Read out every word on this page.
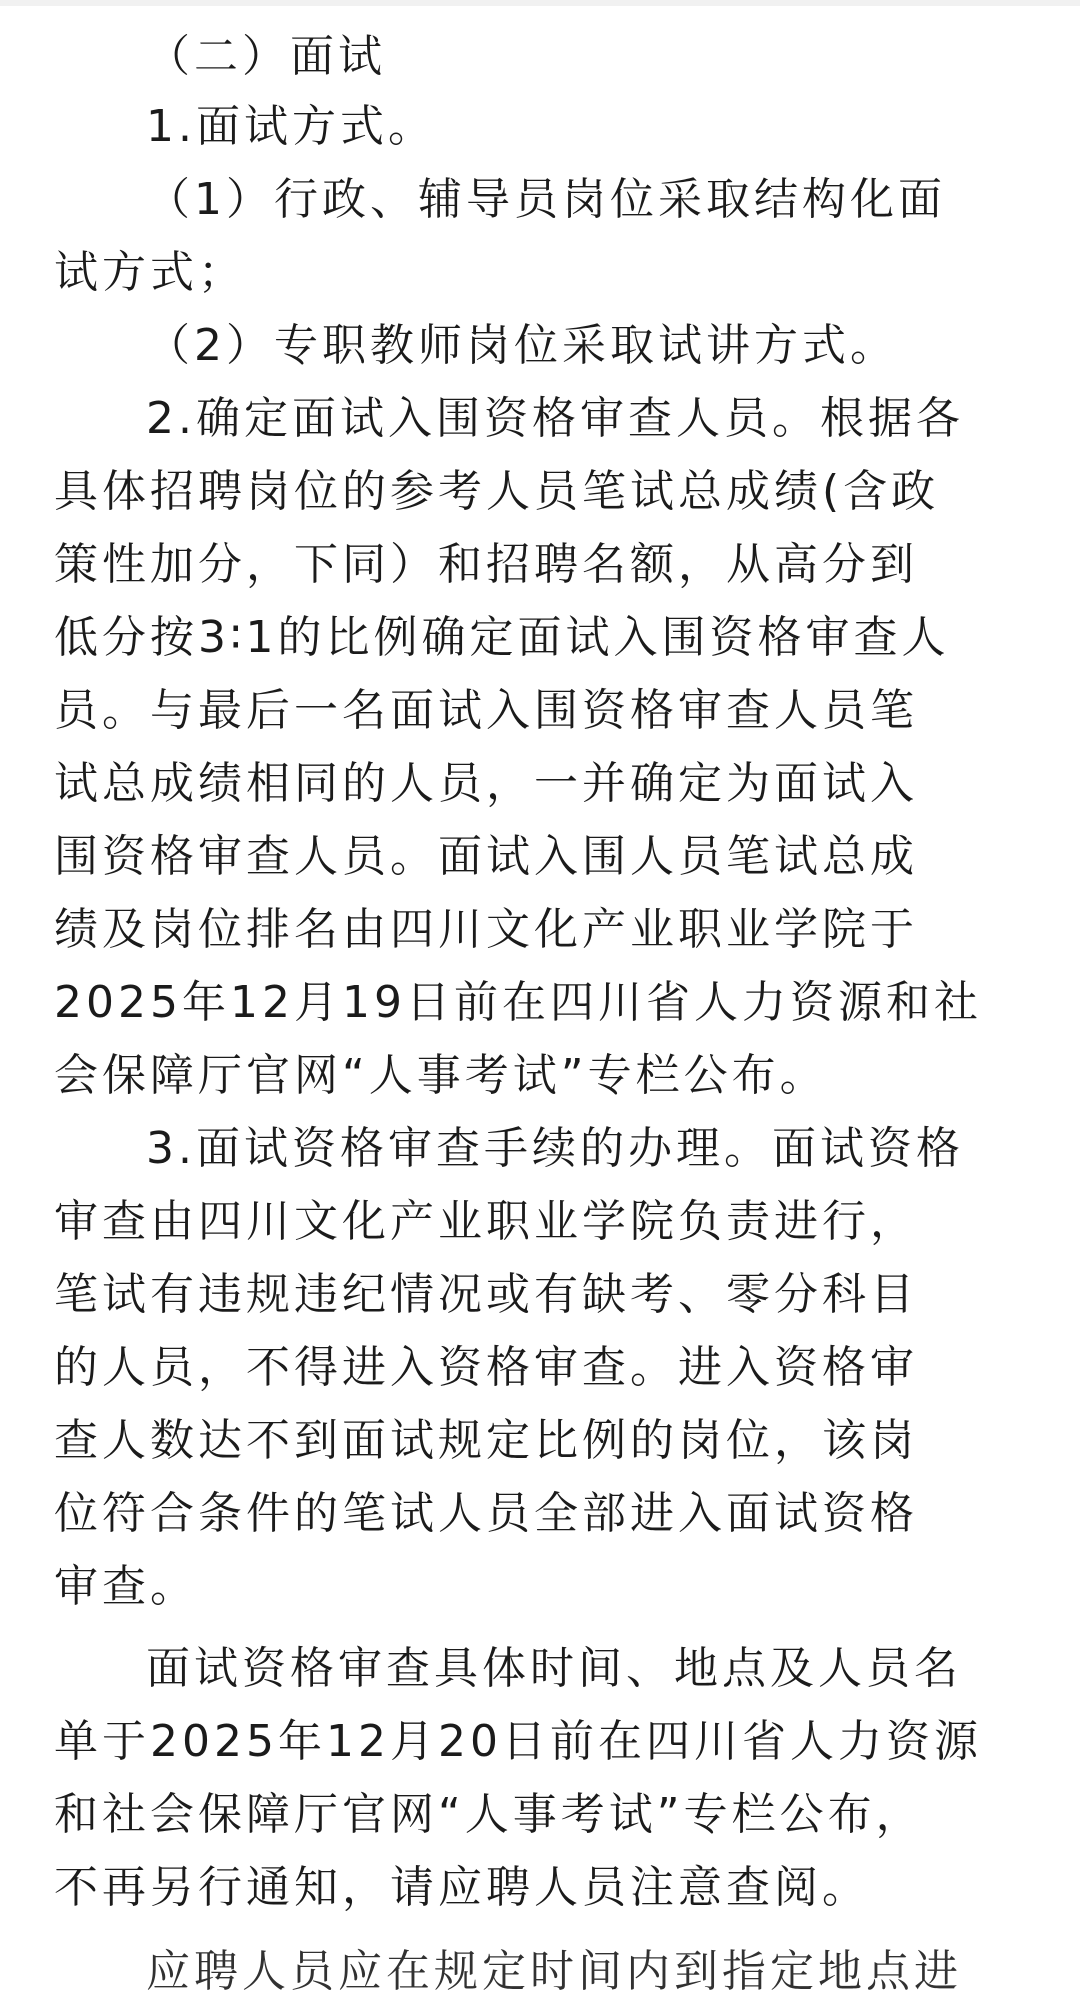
（二）面试

1.面试方式。

（1）行政、辅导员岗位采取结构化面

试方式；

（2）专职教师岗位采取试讲方式。

2.确定面试入围资格审查人员。根据各

具体招聘岗位的参考人员笔试总成绩(含政

策性加分，下同）和招聘名额，从高分到

低分按3∶1的比例确定面试入围资格审查人

员。与最后一名面试入围资格审查人员笔

试总成绩相同的人员，一并确定为面试入

围资格审查人员。面试入围人员笔试总成

绩及岗位排名由四川文化产业职业学院于

2025年12月19日前在四川省人力资源和社

会保障厅官网“人事考试”专栏公布。

3.面试资格审查手续的办理。面试资格

审查由四川文化产业职业学院负责进行，

笔试有违规违纪情况或有缺考、零分科目

的人员，不得进入资格审查。进入资格审

查人数达不到面试规定比例的岗位，该岗

位符合条件的笔试人员全部进入面试资格

审查。

面试资格审查具体时间、地点及人员名

单于2025年12月20日前在四川省人力资源

和社会保障厅官网“人事考试”专栏公布，

不再另行通知，请应聘人员注意查阅。

应聘人员应在规定时间内到指定地点进
